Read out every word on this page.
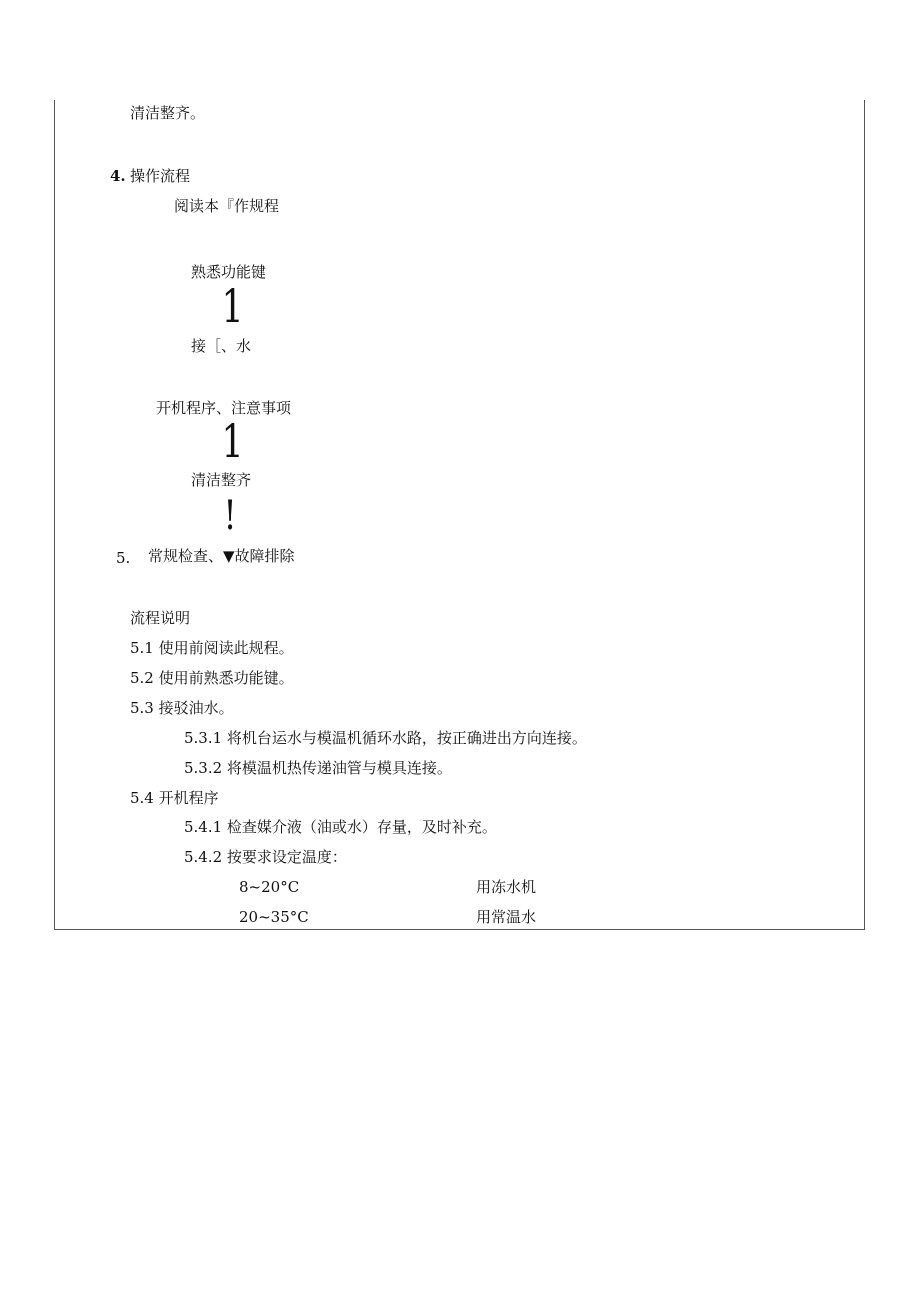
清洁整齐。
4. 操作流程
阅读本『作规程
熟悉功能键
1
接［、水
开机程序、注意事项
1
清洁整齐
!
5. 常规检查、▼故障排除
流程说明
5.1 使用前阅读此规程。
5.2 使用前熟悉功能键。
5.3 接驳油水。
5.3.1 将机台运水与模温机循环水路，按正确进出方向连接。
5.3.2 将模温机热传递油管与模具连接。
5.4 开机程序
5.4.1 检查媒介液（油或水）存量，及时补充。
5.4.2 按要求设定温度：
8~20°C	用冻水机
20~35°C	用常温水
